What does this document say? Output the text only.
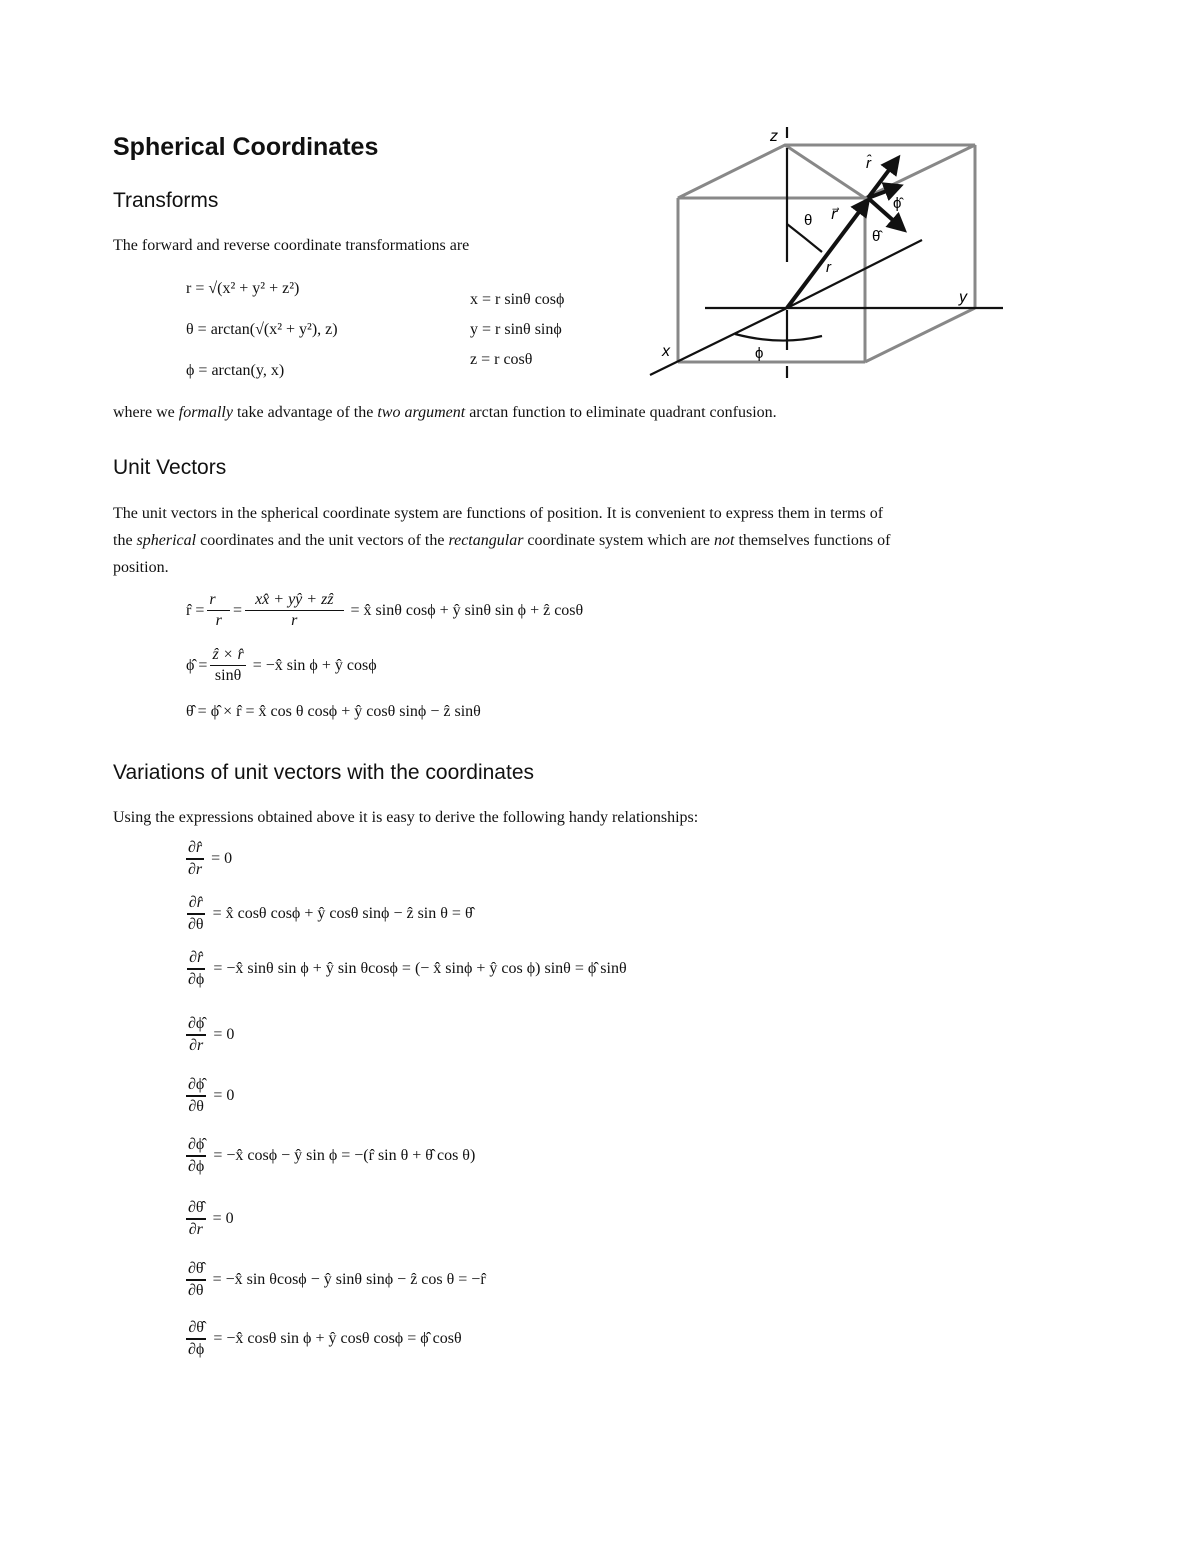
Spherical Coordinates
Transforms
The forward and reverse coordinate transformations are
r = √(x² + y² + z²)
θ = arctan(√(x² + y²), z)
ϕ = arctan(y, x)
x = r sinθ cosϕ
y = r sinθ sinϕ
z = r cosθ
where we formally take advantage of the two argument arctan function to eliminate quadrant confusion.
z
y
x
r
r̂
ϕ̂
θ̂
r⃗
θ
ϕ
Unit Vectors
The unit vectors in the spherical coordinate system are functions of position. It is convenient to express them in terms of
the spherical coordinates and the unit vectors of the rectangular coordinate system which are not themselves functions of
position.
r̂ = $\frac{r⃗}{r} = \frac{xx̂ + yŷ + zẑ}{r}$ = x̂ sinθ cosϕ + ŷ sinθ sin ϕ + ẑ cosθ
ϕ̂ = $\frac{ẑ \times r̂}{\sin\theta}$ = −x̂ sin ϕ + ŷ cosϕ
θ̂ = ϕ̂ × r̂ = x̂ cos θ cosϕ + ŷ cosθ sinϕ − ẑ sinθ
Variations of unit vectors with the coordinates
Using the expressions obtained above it is easy to derive the following handy relationships:
$\frac{\partial r̂}{\partial r} = 0$
$\frac{\partial r̂}{\partial\theta}$ = x̂ cosθ cosϕ + ŷ cosθ sinϕ − ẑ sin θ = θ̂
$\frac{\partial r̂}{\partial\phi}$ = −x̂ sinθ sin ϕ + ŷ sin θcosϕ = (− x̂ sinϕ + ŷ cos ϕ) sinθ = ϕ̂ sinθ
$\frac{\partial\phî}{\partial r} = 0$
$\frac{\partial\phî}{\partial\theta} = 0$
$\frac{\partial\phî}{\partial\phi}$ = −x̂ cosϕ − ŷ sin ϕ = −(r̂ sin θ + θ̂ cos θ)
$\frac{\partial\thetâ}{\partial r} = 0$
$\frac{\partial\thetâ}{\partial\theta}$ = −x̂ sin θcosϕ − ŷ sinθ sinϕ − ẑ cos θ = −r̂
$\frac{\partial\thetâ}{\partial\phi}$ = −x̂ cosθ sin ϕ + ŷ cosθ cosϕ = ϕ̂ cosθ
